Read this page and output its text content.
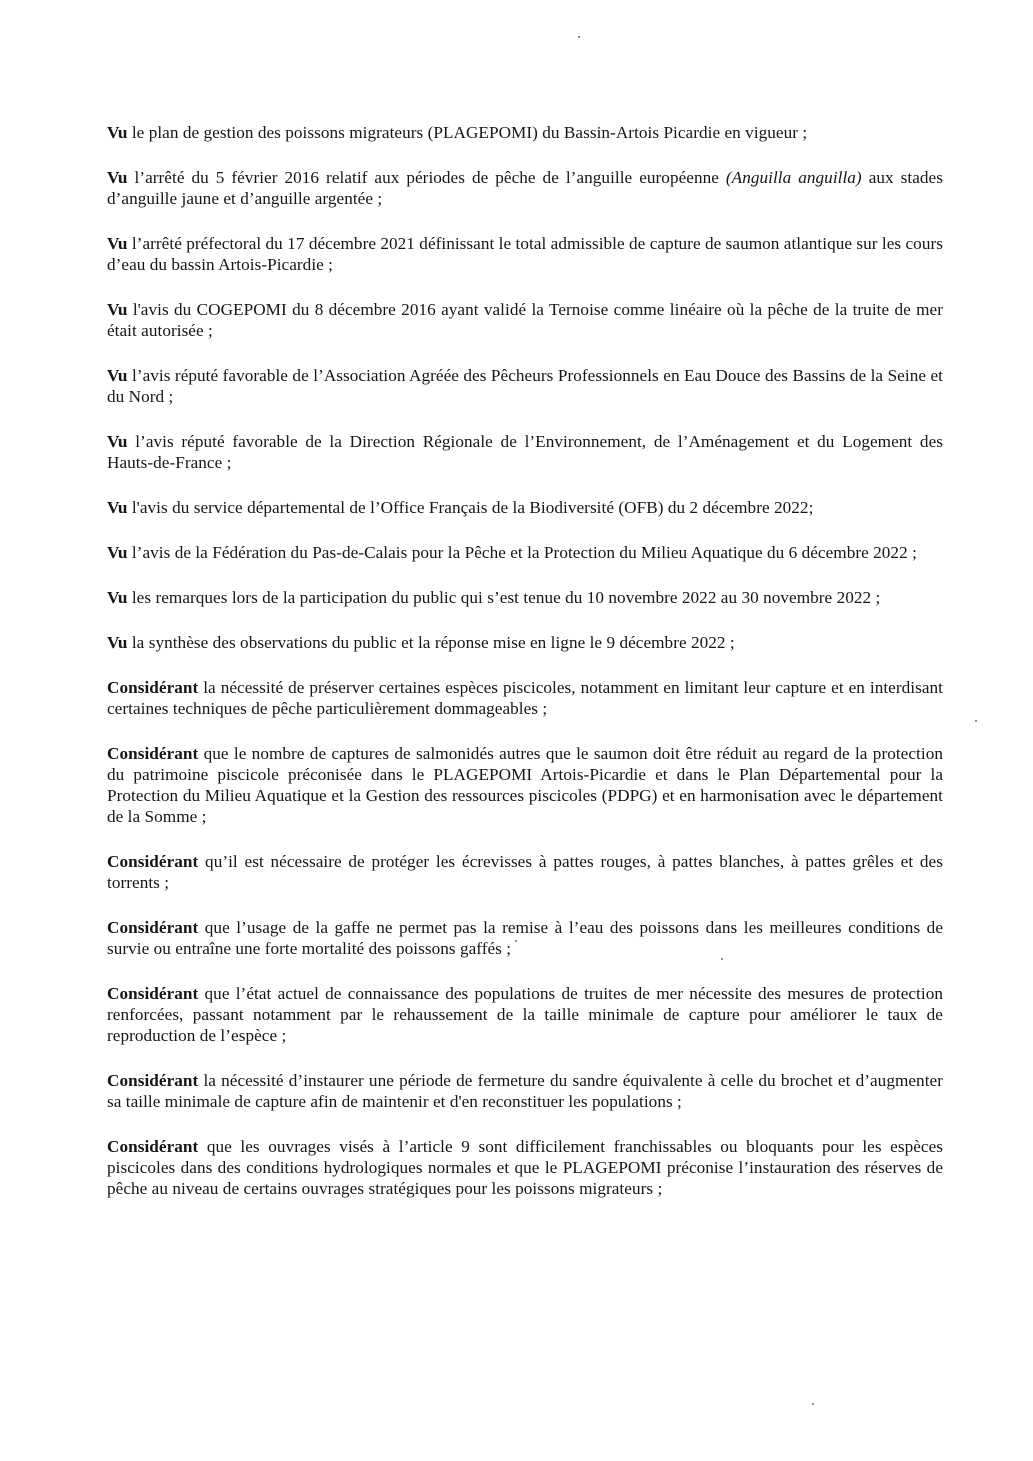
Vu le plan de gestion des poissons migrateurs (PLAGEPOMI) du Bassin-Artois Picardie en vigueur ;

Vu l’arrêté du 5 février 2016 relatif aux périodes de pêche de l’anguille européenne (Anguilla anguilla) aux stades d’anguille jaune et d’anguille argentée ;

Vu l’arrêté préfectoral du 17 décembre 2021 définissant le total admissible de capture de saumon atlantique sur les cours d’eau du bassin Artois-Picardie ;

Vu l'avis du COGEPOMI du 8 décembre 2016 ayant validé la Ternoise comme linéaire où la pêche de la truite de mer était autorisée ;

Vu l’avis réputé favorable de l’Association Agréée des Pêcheurs Professionnels en Eau Douce des Bassins de la Seine et du Nord ;

Vu l’avis réputé favorable de la Direction Régionale de l’Environnement, de l’Aménagement et du Logement des Hauts-de-France ;

Vu l'avis du service départemental de l’Office Français de la Biodiversité (OFB) du 2 décembre 2022;

Vu l’avis de la Fédération du Pas-de-Calais pour la Pêche et la Protection du Milieu Aquatique du 6 décembre 2022 ;

Vu les remarques lors de la participation du public qui s’est tenue du 10 novembre 2022 au 30 novembre 2022 ;

Vu la synthèse des observations du public et la réponse mise en ligne le 9 décembre 2022 ;

Considérant la nécessité de préserver certaines espèces piscicoles, notamment en limitant leur capture et en interdisant certaines techniques de pêche particulièrement dommageables ;

Considérant que le nombre de captures de salmonidés autres que le saumon doit être réduit au regard de la protection du patrimoine piscicole préconisée dans le PLAGEPOMI Artois-Picardie et dans le Plan Départemental pour la Protection du Milieu Aquatique et la Gestion des ressources piscicoles (PDPG) et en harmonisation avec le département de la Somme ;

Considérant qu’il est nécessaire de protéger les écrevisses à pattes rouges, à pattes blanches, à pattes grêles et des torrents ;

Considérant que l’usage de la gaffe ne permet pas la remise à l’eau des poissons dans les meilleures conditions de survie ou entraîne une forte mortalité des poissons gaffés ;

Considérant que l’état actuel de connaissance des populations de truites de mer nécessite des mesures de protection renforcées, passant notamment par le rehaussement de la taille minimale de capture pour améliorer le taux de reproduction de l’espèce ;

Considérant la nécessité d’instaurer une période de fermeture du sandre équivalente à celle du brochet et d’augmenter sa taille minimale de capture afin de maintenir et d'en reconstituer les populations ;

Considérant que les ouvrages visés à l’article 9 sont difficilement franchissables ou bloquants pour les espèces piscicoles dans des conditions hydrologiques normales et que le PLAGEPOMI préconise l’instauration des réserves de pêche au niveau de certains ouvrages stratégiques pour les poissons migrateurs ;
